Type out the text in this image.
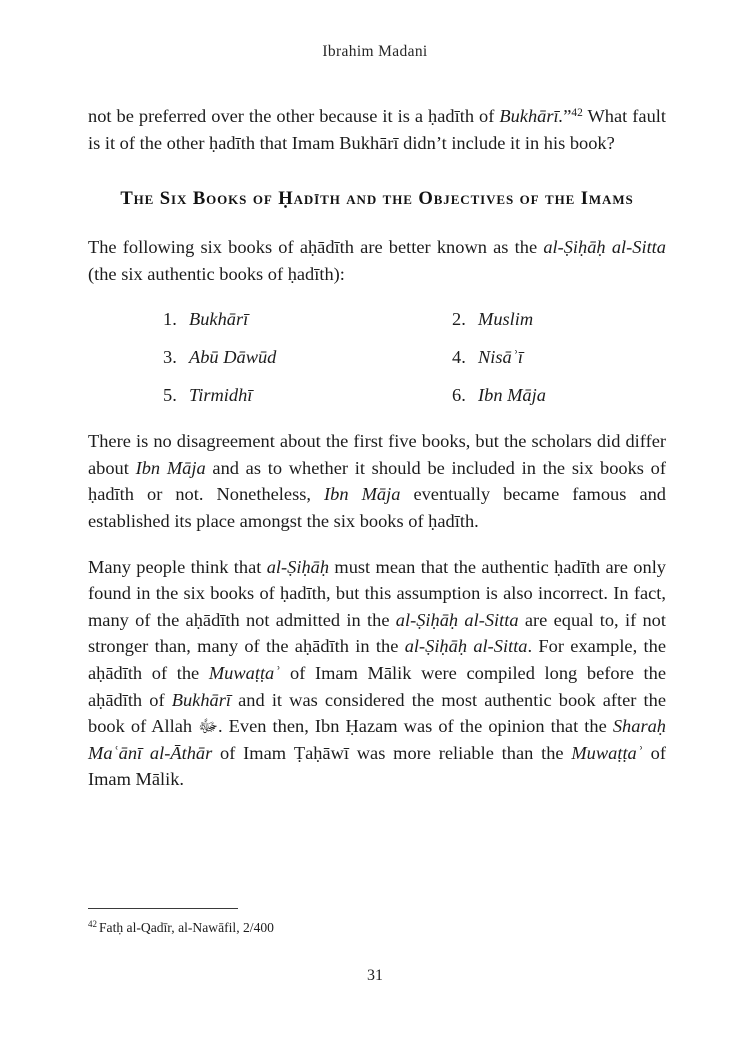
Ibrahim Madani

not be preferred over the other because it is a ḥadīth of Bukhārī.”$^{42}$ What fault is it of the other ḥadīth that Imam Bukhārī didn’t include it in his book?

The Six Books of Ḥadīth and the Objectives of the Imams

The following six books of aḥādīth are better known as the al-Ṣiḥāḥ al-Sitta (the six authentic books of ḥadīth):

1. Bukhārī	2. Muslim
3. Abū Dāwūd	4. Nisāʾī
5. Tirmidhī	6. Ibn Māja

There is no disagreement about the first five books, but the scholars did differ about Ibn Māja and as to whether it should be included in the six books of ḥadīth or not. Nonetheless, Ibn Māja eventually became famous and established its place amongst the six books of ḥadīth.

Many people think that al-Ṣiḥāḥ must mean that the authentic ḥadīth are only found in the six books of ḥadīth, but this assumption is also incorrect. In fact, many of the aḥādīth not admitted in the al-Ṣiḥāḥ al-Sitta are equal to, if not stronger than, many of the aḥādīth in the al-Ṣiḥāḥ al-Sitta. For example, the aḥādīth of the Muwaṭṭaʾ of Imam Mālik were compiled long before the aḥādīth of Bukhārī and it was considered the most authentic book after the book of Allah ﷻ. Even then, Ibn Ḥazam was of the opinion that the Sharaḥ Maʿānī al-Āthār of Imam Ṭaḥāwī was more reliable than the Muwaṭṭaʾ of Imam Mālik.

$^{42}$ Fatḥ al-Qadīr, al-Nawāfil, 2/400
31
